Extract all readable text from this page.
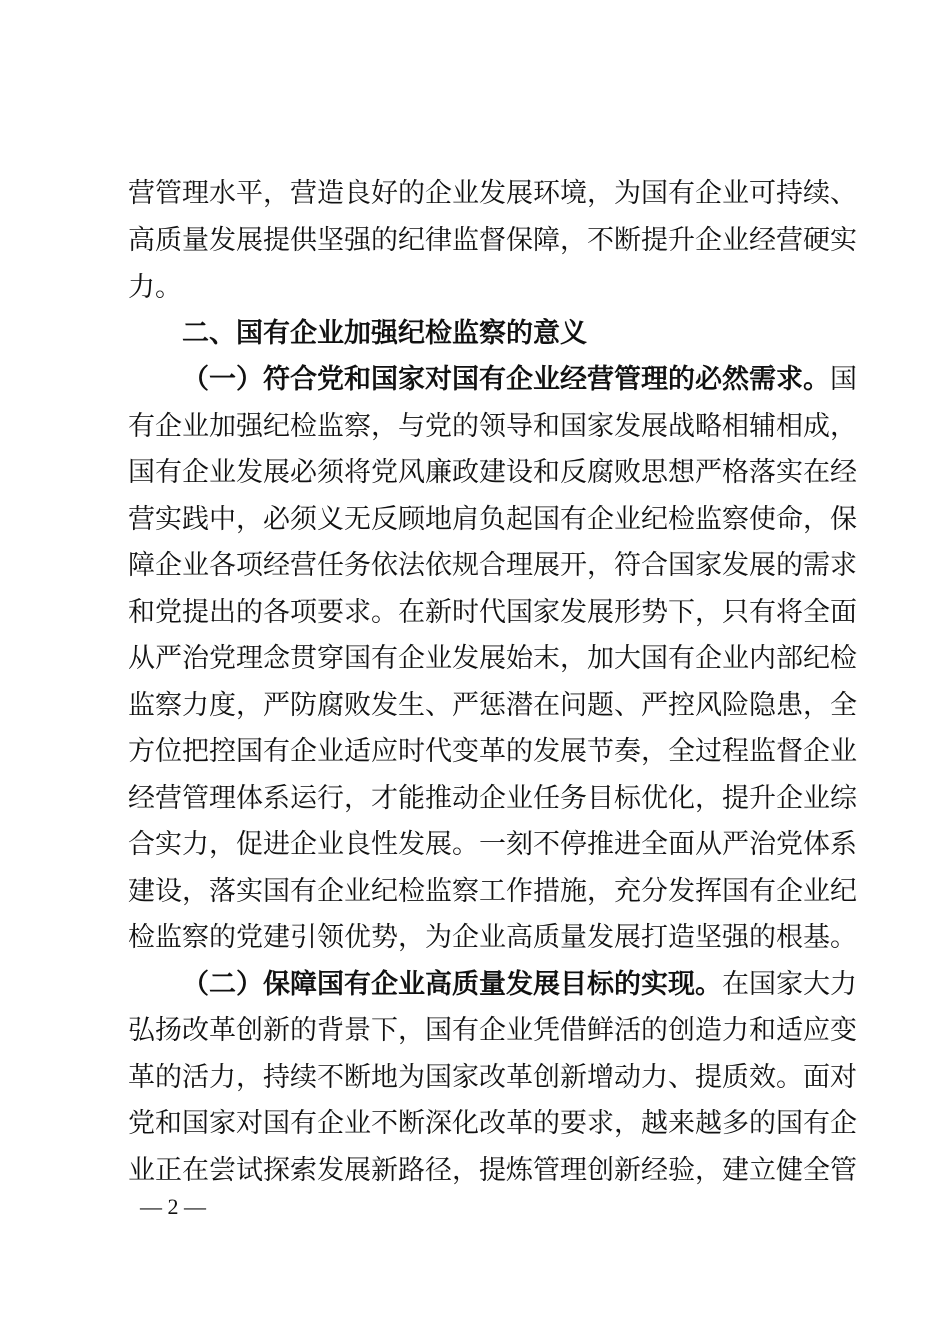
营管理水平，营造良好的企业发展环境，为国有企业可持续、
高质量发展提供坚强的纪律监督保障，不断提升企业经营硬实
力。
二、国有企业加强纪检监察的意义
（一）符合党和国家对国有企业经营管理的必然需求。国
有企业加强纪检监察，与党的领导和国家发展战略相辅相成，
国有企业发展必须将党风廉政建设和反腐败思想严格落实在经
营实践中，必须义无反顾地肩负起国有企业纪检监察使命，保
障企业各项经营任务依法依规合理展开，符合国家发展的需求
和党提出的各项要求。在新时代国家发展形势下，只有将全面
从严治党理念贯穿国有企业发展始末，加大国有企业内部纪检
监察力度，严防腐败发生、严惩潜在问题、严控风险隐患，全
方位把控国有企业适应时代变革的发展节奏，全过程监督企业
经营管理体系运行，才能推动企业任务目标优化，提升企业综
合实力，促进企业良性发展。一刻不停推进全面从严治党体系
建设，落实国有企业纪检监察工作措施，充分发挥国有企业纪
检监察的党建引领优势，为企业高质量发展打造坚强的根基。
（二）保障国有企业高质量发展目标的实现。在国家大力
弘扬改革创新的背景下，国有企业凭借鲜活的创造力和适应变
革的活力，持续不断地为国家改革创新增动力、提质效。面对
党和国家对国有企业不断深化改革的要求，越来越多的国有企
业正在尝试探索发展新路径，提炼管理创新经验，建立健全管
— 2 —
